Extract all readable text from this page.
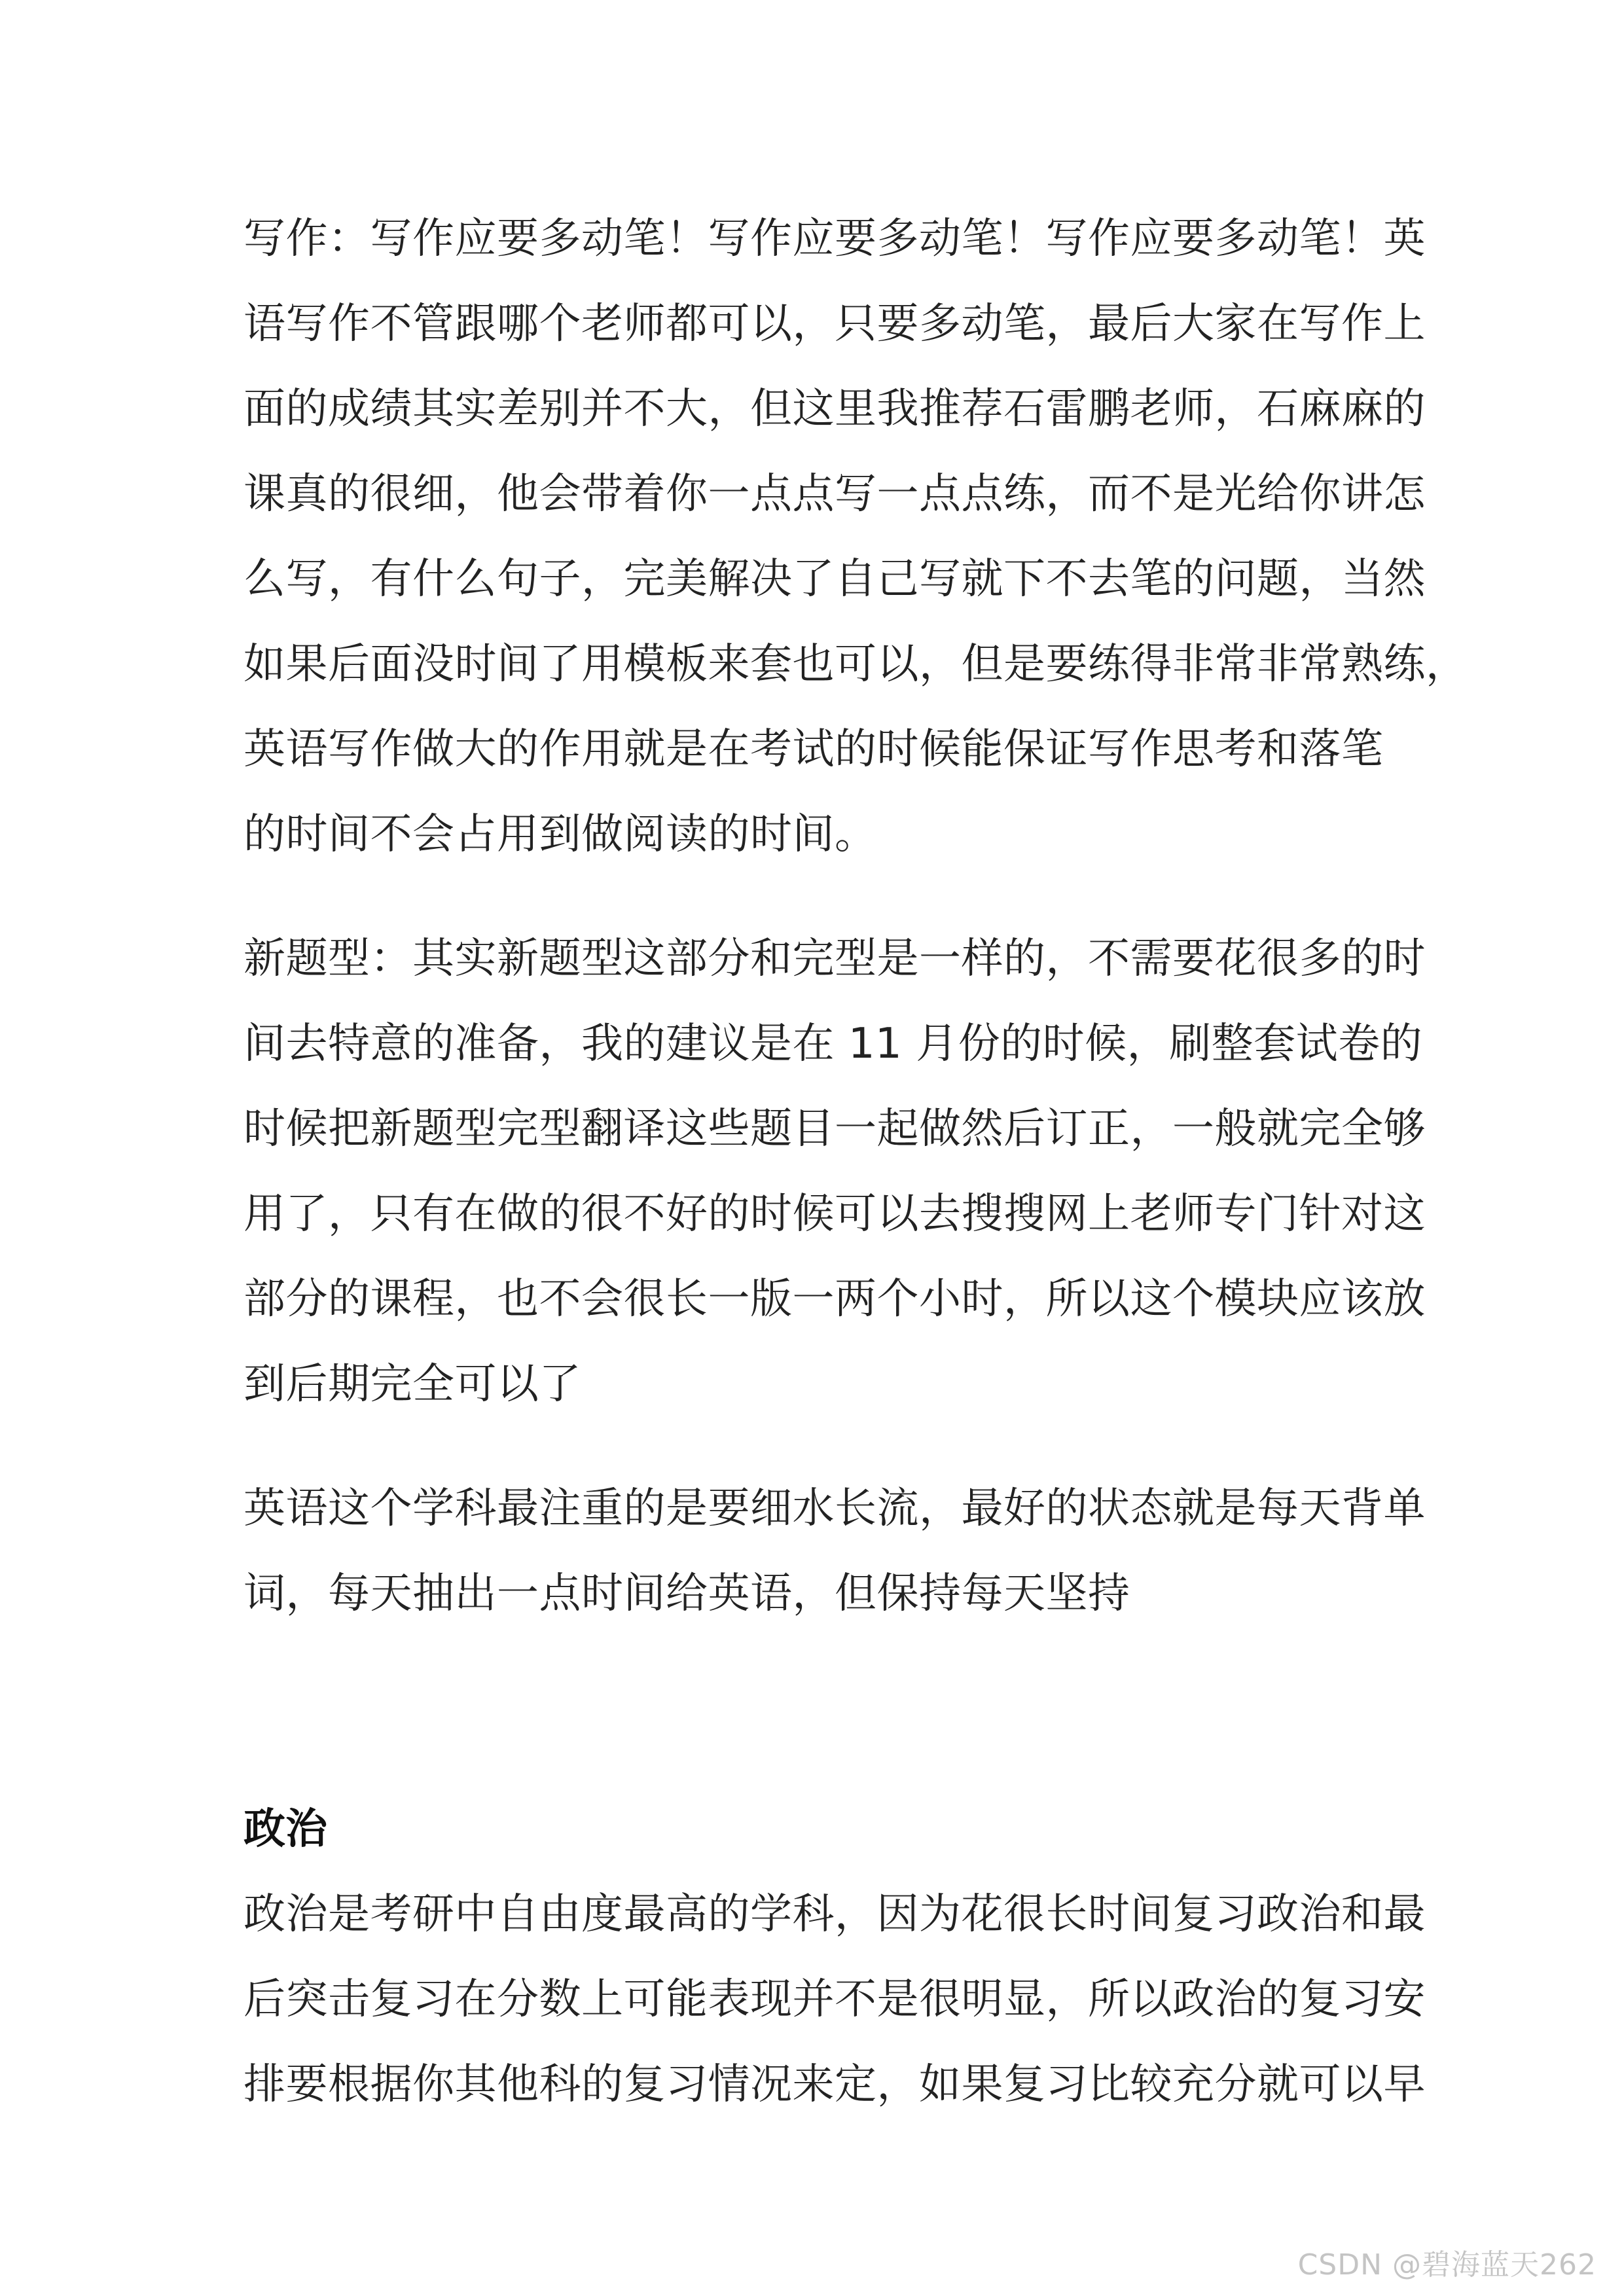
写作：写作应要多动笔！写作应要多动笔！写作应要多动笔！英
语写作不管跟哪个老师都可以，只要多动笔，最后大家在写作上
面的成绩其实差别并不大，但这里我推荐石雷鹏老师，石麻麻的
课真的很细，他会带着你一点点写一点点练，而不是光给你讲怎
么写，有什么句子，完美解决了自己写就下不去笔的问题，当然
如果后面没时间了用模板来套也可以，但是要练得非常非常熟练，
英语写作做大的作用就是在考试的时候能保证写作思考和落笔
的时间不会占用到做阅读的时间。

新题型：其实新题型这部分和完型是一样的，不需要花很多的时
间去特意的准备，我的建议是在 11 月份的时候，刷整套试卷的
时候把新题型完型翻译这些题目一起做然后订正，一般就完全够
用了，只有在做的很不好的时候可以去搜搜网上老师专门针对这
部分的课程，也不会很长一版一两个小时，所以这个模块应该放
到后期完全可以了

英语这个学科最注重的是要细水长流，最好的状态就是每天背单
词，每天抽出一点时间给英语，但保持每天坚持

政治

政治是考研中自由度最高的学科，因为花很长时间复习政治和最
后突击复习在分数上可能表现并不是很明显，所以政治的复习安
排要根据你其他科的复习情况来定，如果复习比较充分就可以早

CSDN @碧海蓝天262
